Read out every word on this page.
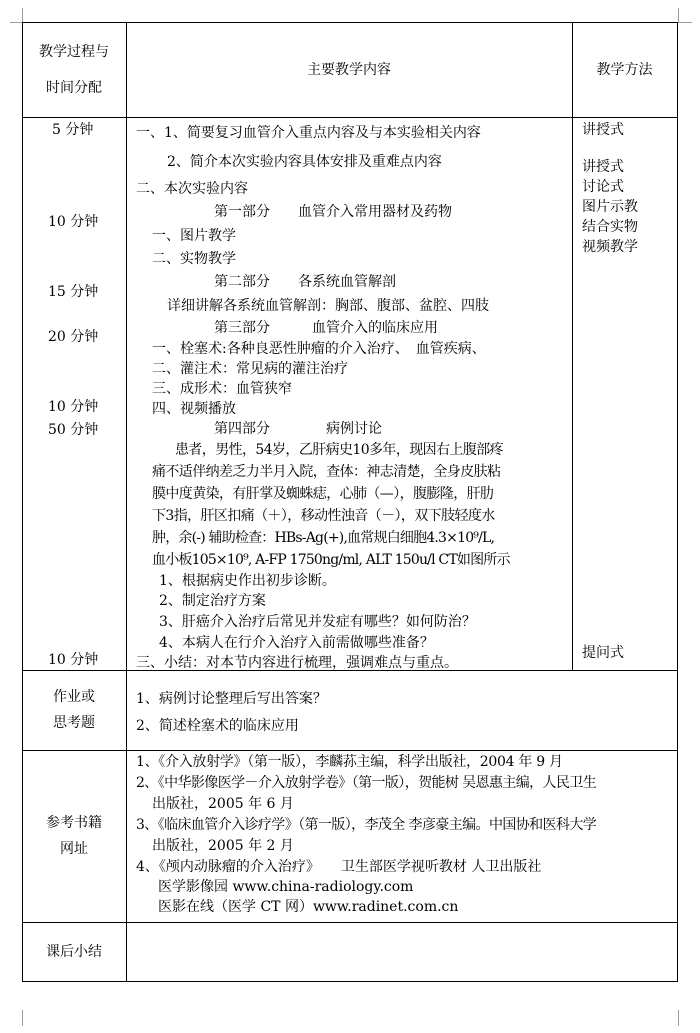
教学过程与
时间分配
主要教学内容	教学方法
5 分钟
10 分钟
15 分钟
20 分钟
10 分钟
50 分钟
10 分钟
一、1、简要复习血管介入重点内容及与本实验相关内容
2、简介本次实验内容具体安排及重难点内容
二、本次实验内容
第一部分　　血管介入常用器材及药物
一、图片教学
二、实物教学
第二部分　　各系统血管解剖
详细讲解各系统血管解剖：胸部、腹部、盆腔、四肢
第三部分　　　血管介入的临床应用
一、栓塞术:各种良恶性肿瘤的介入治疗、　血管疾病、
二、灌注术：常见病的灌注治疗
三、成形术：血管狭窄
四、视频播放
第四部分　　　　病例讨论
患者，男性，54岁，乙肝病史10多年，现因右上腹部疼
痛不适伴纳差乏力半月入院，查体：神志清楚，全身皮肤粘
膜中度黄染，有肝掌及蜘蛛痣，心肺（—），腹膨隆，肝肋
下3指，肝区扣痛（＋），移动性浊音（－），双下肢轻度水
肿，余(-) 辅助检查：HBs-Ag(+),血常规白细胞4.3×10⁹/L,
血小板105×10⁹, A-FP 1750ng/ml, ALT 150u/l CT如图所示
1、根据病史作出初步诊断。
2、制定治疗方案
3、肝癌介入治疗后常见并发症有哪些？如何防治？
4、本病人在行介入治疗入前需做哪些准备？
三、小结：对本节内容进行梳理，强调难点与重点。
讲授式
讲授式
讨论式
图片示教
结合实物
视频教学
提问式
作业或
思考题
1、病例讨论整理后写出答案？
2、简述栓塞术的临床应用
参考书籍
网址
1、《介入放射学》（第一版），李麟荪主编，科学出版社，2004 年 9 月
2、《中华影像医学－介入放射学卷》（第一版），贺能树 吴恩惠主编，人民卫生
出版社，2005 年 6 月
3、《临床血管介入诊疗学》（第一版），李茂全 李彦豪主编。中国协和医科大学
出版社，2005 年 2 月
4、《颅内动脉瘤的介入治疗》　　卫生部医学视听教材 人卫出版社
医学影像园 www.china-radiology.com
医影在线（医学 CT 网）www.radinet.com.cn
课后小结
